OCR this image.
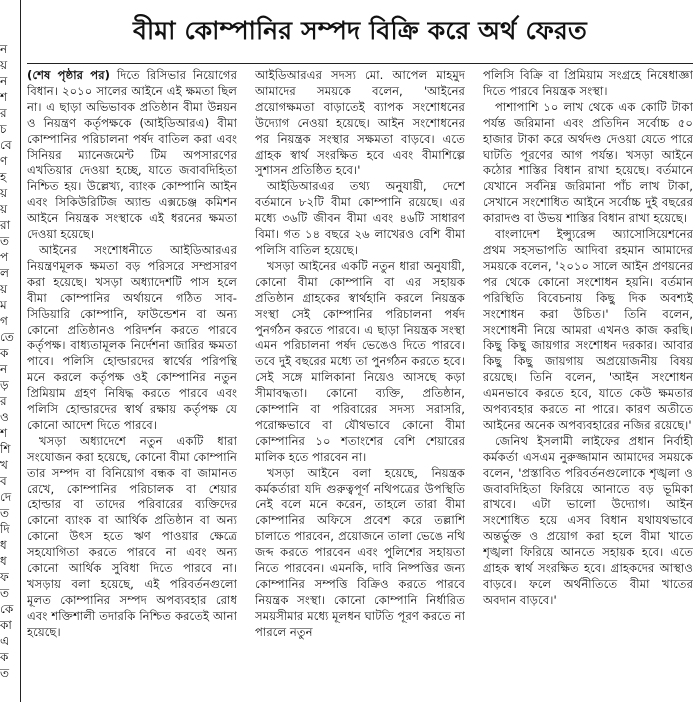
ন
য়
ন
শ
র
চ
বে
ণ
হ
য়
য়
রা
ত
প
ল
য়
ম
গ
তে
ক
ন
ড়
র
ও
শ
শি
খ
ব
দে
ত
দি
ধ
ধ
ফ
ত
কে
কা
এ
ক
ত
বীমা কোম্পানির সম্পদ বিক্রি করে অর্থ ফেরত

(শেষ পৃষ্ঠার পর) দিতে রিসিভার নিয়োগের বিধান। ২০১০ সালের আইনে এই ক্ষমতা ছিল না। এ ছাড়া অভিভাবক প্রতিষ্ঠান বীমা উন্নয়ন ও নিয়ন্ত্রণ কর্তৃপক্ষকে (আইডিআরএ) বীমা কোম্পানির পরিচালনা পর্ষদ বাতিল করা এবং সিনিয়র ম্যানেজমেন্ট টিম অপসারণের এখতিয়ার দেওয়া হচ্ছে, যাতে জবাবদিহিতা নিশ্চিত হয়। উল্লেখ্য, ব্যাংক কোম্পানি আইন এবং সিকিউরিটিজ অ্যান্ড এক্সচেঞ্জ কমিশন আইনে নিয়ন্ত্রক সংস্থাকে এই ধরনের ক্ষমতা দেওয়া হয়েছে।

আইনের সংশোধনীতে আইডিআরএর নিয়ন্ত্রণমূলক ক্ষমতা বড় পরিসরে সম্প্রসারণ করা হয়েছে। খসড়া অধ্যাদেশটি পাস হলে বীমা কোম্পানির অর্থায়নে গঠিত সাব-সিডিয়ারি কোম্পানি, ফাউন্ডেশন বা অন্য কোনো প্রতিষ্ঠানও পরিদর্শন করতে পারবে কর্তৃপক্ষ। বাধ্যতামূলক নির্দেশনা জারির ক্ষমতা পাবে। পলিসি হোল্ডারদের স্বার্থের পরিপন্থি মনে করলে কর্তৃপক্ষ ওই কোম্পানির নতুন প্রিমিয়াম গ্রহণ নিষিদ্ধ করতে পারবে এবং পলিসি হোল্ডারদের স্বার্থ রক্ষায় কর্তৃপক্ষ যে কোনো আদেশ দিতে পারবে।

খসড়া অধ্যাদেশে নতুন একটি ধারা সংযোজন করা হয়েছে, কোনো বীমা কোম্পানি তার সম্পদ বা বিনিয়োগ বন্ধক বা জামানত রেখে, কোম্পানির পরিচালক বা শেয়ার হোল্ডার বা তাদের পরিবারের ব্যক্তিদের কোনো ব্যাংক বা আর্থিক প্রতিষ্ঠান বা অন্য কোনো উৎস হতে ঋণ পাওয়ার ক্ষেত্রে সহযোগিতা করতে পারবে না এবং অন্য কোনো আর্থিক সুবিধা দিতে পারবে না। খসড়ায় বলা হয়েছে, এই পরিবর্তনগুলো মূলত কোম্পানির সম্পদ অপব্যবহার রোধ এবং শক্তিশালী তদারকি নিশ্চিত করতেই আনা হয়েছে।

আইডিআরএর সদস্য মো. আপেল মাহমুদ আমাদের সময়কে বলেন, 'আইনের প্রয়োগক্ষমতা বাড়াতেই ব্যাপক সংশোধনের উদ্যোগ নেওয়া হয়েছে। আইন সংশোধনের পর নিয়ন্ত্রক সংস্থার সক্ষমতা বাড়বে। এতে গ্রাহক স্বার্থ সংরক্ষিত হবে এবং বীমাশিল্পে সুশাসন প্রতিষ্ঠিত হবে।'

আইডিআরএর তথ্য অনুযায়ী, দেশে বর্তমানে ৮২টি বীমা কোম্পানি রয়েছে। এর মধ্যে ৩৬টি জীবন বীমা এবং ৪৬টি সাধারণ বিমা। গত ১৪ বছরে ২৬ লাখেরও বেশি বীমা পলিসি বাতিল হয়েছে।

খসড়া আইনের একটি নতুন ধারা অনুযায়ী, কোনো বীমা কোম্পানি বা এর সহায়ক প্রতিষ্ঠান গ্রাহকের স্বার্থহানি করলে নিয়ন্ত্রক সংস্থা সেই কোম্পানির পরিচালনা পর্ষদ পুনর্গঠন করতে পারবে। এ ছাড়া নিয়ন্ত্রক সংস্থা এমন পরিচালনা পর্ষদ ভেঙেও দিতে পারবে। তবে দুই বছরের মধ্যে তা পুনর্গঠন করতে হবে। সেই সঙ্গে মালিকানা নিয়েও আসছে কড়া সীমাবদ্ধতা। কোনো ব্যক্তি, প্রতিষ্ঠান, কোম্পানি বা পরিবারের সদস্য সরাসরি, পরোক্ষভাবে বা যৌথভাবে কোনো বীমা কোম্পানির ১০ শতাংশের বেশি শেয়ারের মালিক হতে পারবেন না।

খসড়া আইনে বলা হয়েছে, নিয়ন্ত্রক কর্মকর্তারা যদি গুরুত্বপূর্ণ নথিপত্রের উপস্থিতি নেই বলে মনে করেন, তাহলে তারা বীমা কোম্পানির অফিসে প্রবেশ করে তল্লাশি চালাতে পারবেন, প্রয়োজনে তালা ভেঙে নথি জব্দ করতে পারবেন এবং পুলিশের সহায়তা নিতে পারবেন। এমনকি, দাবি নিষ্পত্তির জন্য কোম্পানির সম্পত্তি বিক্রিও করতে পারবে নিয়ন্ত্রক সংস্থা। কোনো কোম্পানি নির্ধারিত সময়সীমার মধ্যে মূলধন ঘাটতি পূরণ করতে না পারলে নতুন

পলিসি বিক্রি বা প্রিমিয়াম সংগ্রহে নিষেধাজ্ঞা দিতে পারবে নিয়ন্ত্রক সংস্থা।

পাশাপাশি ১০ লাখ থেকে এক কোটি টাকা পর্যন্ত জরিমানা এবং প্রতিদিন সর্বোচ্চ ৫০ হাজার টাকা করে অর্থদণ্ড দেওয়া যেতে পারে ঘাটতি পূরণের আগ পর্যন্ত। খসড়া আইনে কঠোর শাস্তির বিধান রাখা হয়েছে। বর্তমানে যেখানে সর্বনিম্ন জরিমানা পাঁচ লাখ টাকা, সেখানে সংশোধিত আইনে সর্বোচ্চ দুই বছরের কারাদণ্ড বা উভয় শাস্তির বিধান রাখা হয়েছে।

বাংলাদেশ ইন্স্যুরেন্স অ্যাসোসিয়েশনের প্রথম সহসভাপতি আদিবা রহমান আমাদের সময়কে বলেন, '২০১০ সালে আইন প্রণয়নের পর থেকে কোনো সংশোধন হয়নি। বর্তমান পরিস্থিতি বিবেচনায় কিছু দিক অবশ্যই সংশোধন করা উচিত।' তিনি বলেন, সংশোধনী নিয়ে আমরা এখনও কাজ করছি। কিছু কিছু জায়গার সংশোধন দরকার। আবার কিছু কিছু জায়গায় অপ্রয়োজনীয় বিষয় রয়েছে। তিনি বলেন, 'আইন সংশোধন এমনভাবে করতে হবে, যাতে কেউ ক্ষমতার অপব্যবহার করতে না পারে। কারণ অতীতে আইনের অনেক অপব্যবহারের নজির রয়েছে।'

জেনিথ ইসলামী লাইফের প্রধান নির্বাহী কর্মকর্তা এসএম নুরুজ্জামান আমাদের সময়কে বলেন, 'প্রস্তাবিত পরিবর্তনগুলোকে শৃঙ্খলা ও জবাবদিহিতা ফিরিয়ে আনাতে বড় ভূমিকা রাখবে। এটা ভালো উদ্যোগ। আইন সংশোধিত হয়ে এসব বিধান যথাযথভাবে অন্তর্ভুক্ত ও প্রয়োগ করা হলে বীমা খাতে শৃঙ্খলা ফিরিয়ে আনতে সহায়ক হবে। এতে গ্রাহক স্বার্থ সংরক্ষিত হবে। গ্রাহকদের আস্থাও বাড়বে। ফলে অর্থনীতিতে বীমা খাতের অবদান বাড়বে।'
